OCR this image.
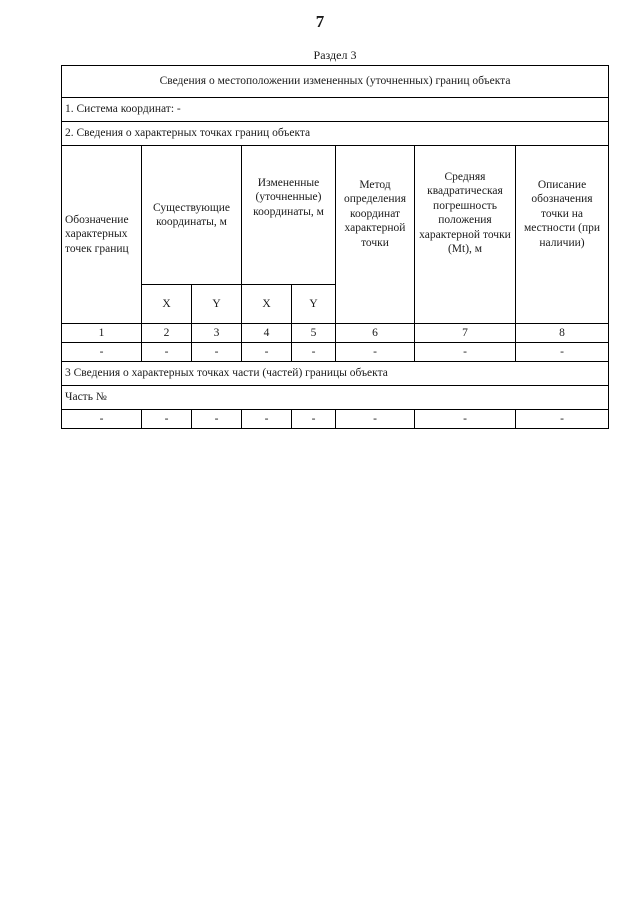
7
Раздел 3
Сведения о местоположении измененных (уточненных) границ объекта							
1. Система координат: -							
2. Сведения о характерных точках границ объекта							
Обозначение характерных точек границ	Существующие координаты, м		Измененные (уточненные) координаты, м		Метод определения координат характерной точки	Средняя квадратическая погрешность положения характерной точки (Mt), м	Описание обозначения точки на местности (при наличии)
	X	Y	X	Y			
1	2	3	4	5	6	7	8
-	-	-	-	-	-	-	-
3 Сведения о характерных точках части (частей) границы объекта							
Часть №							
-	-	-	-	-	-	-	-
